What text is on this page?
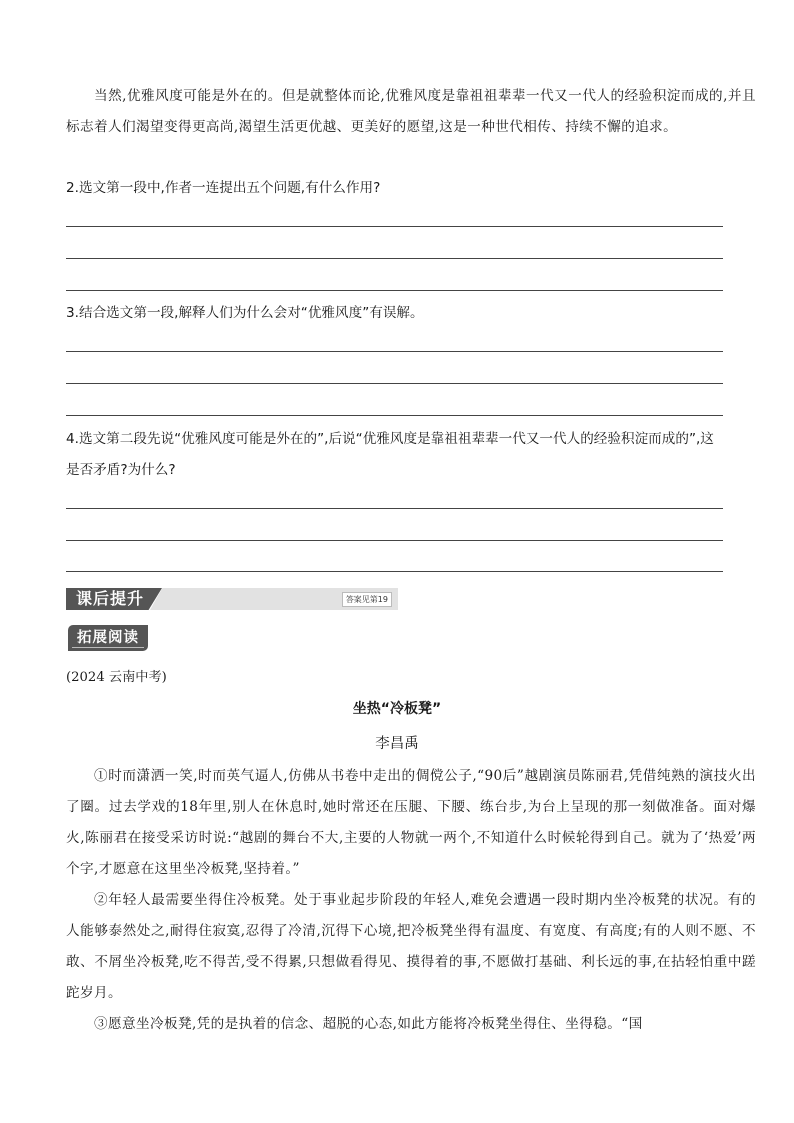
当然,优雅风度可能是外在的。但是就整体而论,优雅风度是靠祖祖辈辈一代又一代人的经验积淀而成的,并且标志着人们渴望变得更高尚,渴望生活更优越、更美好的愿望,这是一种世代相传、持续不懈的追求。

2.选文第一段中,作者一连提出五个问题,有什么作用?

3.结合选文第一段,解释人们为什么会对“优雅风度”有误解。

4.选文第二段先说“优雅风度可能是外在的”,后说“优雅风度是靠祖祖辈辈一代又一代人的经验积淀而成的”,这是否矛盾?为什么?

课后提升	答案见第19
拓展阅读
(2024 云南中考)
坐热“冷板凳”
李昌禹

①时而潇洒一笑,时而英气逼人,仿佛从书卷中走出的倜傥公子,“90后”越剧演员陈丽君,凭借纯熟的演技火出了圈。过去学戏的18年里,别人在休息时,她时常还在压腿、下腰、练台步,为台上呈现的那一刻做准备。面对爆火,陈丽君在接受采访时说:“越剧的舞台不大,主要的人物就一两个,不知道什么时候轮得到自己。就为了‘热爱’两个字,才愿意在这里坐冷板凳,坚持着。”

②年轻人最需要坐得住冷板凳。处于事业起步阶段的年轻人,难免会遭遇一段时期内坐冷板凳的状况。有的人能够泰然处之,耐得住寂寞,忍得了冷清,沉得下心境,把冷板凳坐得有温度、有宽度、有高度;有的人则不愿、不敢、不屑坐冷板凳,吃不得苦,受不得累,只想做看得见、摸得着的事,不愿做打基础、利长远的事,在拈轻怕重中蹉跎岁月。

③愿意坐冷板凳,凭的是执着的信念、超脱的心态,如此方能将冷板凳坐得住、坐得稳。“国
